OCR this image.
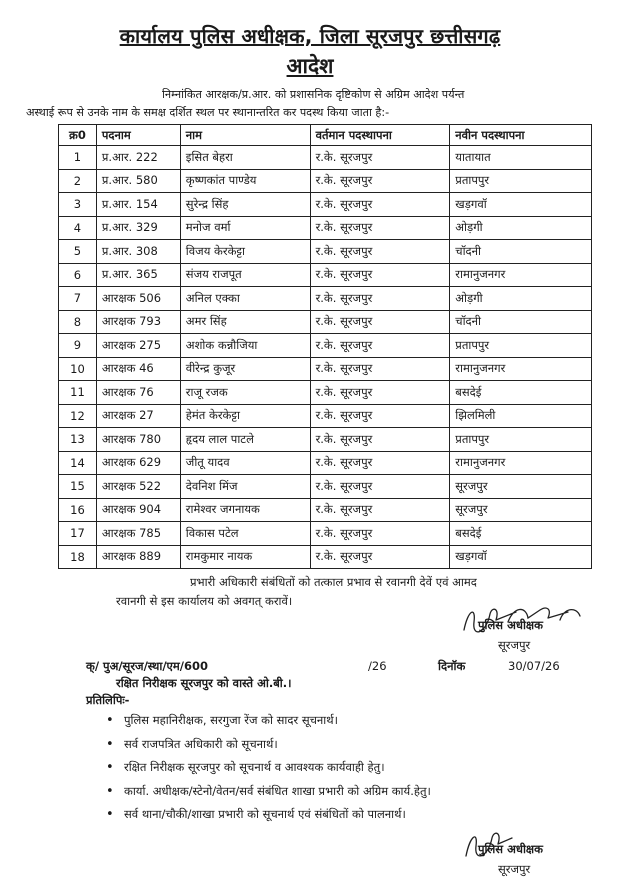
कार्यालय पुलिस अधीक्षक, जिला सूरजपुर छत्तीसगढ़
आदेश
निम्नांकित आरक्षक/प्र.आर. को प्रशासनिक दृष्टिकोण से अग्रिम आदेश पर्यन्त
अस्थाई रूप से उनके नाम के समक्ष दर्शित स्थल पर स्थानान्तरित कर पदस्थ किया जाता है:-
क्र0	पदनाम	नाम	वर्तमान पदस्थापना	नवीन पदस्थापना
1	प्र.आर. 222	इसित बेहरा	र.के. सूरजपुर	यातायात
2	प्र.आर. 580	कृष्णकांत पाण्डेय	र.के. सूरजपुर	प्रतापपुर
3	प्र.आर. 154	सुरेन्द्र सिंह	र.के. सूरजपुर	खड़गवॉ
4	प्र.आर. 329	मनोज वर्मा	र.के. सूरजपुर	ओड़गी
5	प्र.आर. 308	विजय केरकेट्टा	र.के. सूरजपुर	चॉदनी
6	प्र.आर. 365	संजय राजपूत	र.के. सूरजपुर	रामानुजनगर
7	आरक्षक 506	अनिल एक्का	र.के. सूरजपुर	ओड़गी
8	आरक्षक 793	अमर सिंह	र.के. सूरजपुर	चॉदनी
9	आरक्षक 275	अशोक कन्नौजिया	र.के. सूरजपुर	प्रतापपुर
10	आरक्षक 46	वीरेन्द्र कुजूर	र.के. सूरजपुर	रामानुजनगर
11	आरक्षक 76	राजू रजक	र.के. सूरजपुर	बसदेई
12	आरक्षक 27	हेमंत केरकेट्टा	र.के. सूरजपुर	झिलमिली
13	आरक्षक 780	हृदय लाल पाटले	र.के. सूरजपुर	प्रतापपुर
14	आरक्षक 629	जीतू यादव	र.के. सूरजपुर	रामानुजनगर
15	आरक्षक 522	देवनिश मिंज	र.के. सूरजपुर	सूरजपुर
16	आरक्षक 904	रामेश्वर जगनायक	र.के. सूरजपुर	सूरजपुर
17	आरक्षक 785	विकास पटेल	र.के. सूरजपुर	बसदेई
18	आरक्षक 889	रामकुमार नायक	र.के. सूरजपुर	खड़गवॉ
प्रभारी अधिकारी संबंधितों को तत्काल प्रभाव से रवानगी देवें एवं आमद
रवानगी से इस कार्यालय को अवगत् करावें।
पुलिस अधीक्षक
सूरजपुर
क्/ पुअ/सूरज/स्था/एम/600	/26	दिनॉक	30/07/26
रक्षित निरीक्षक सूरजपुर को वास्ते ओ.बी.।
प्रतिलिपिः-
• पुलिस महानिरीक्षक, सरगुजा रेंज को सादर सूचनार्थ।
• सर्व राजपत्रित अधिकारी को सूचनार्थ।
• रक्षित निरीक्षक सूरजपुर को सूचनार्थ व आवश्यक कार्यवाही हेतु।
• कार्या. अधीक्षक/स्टेनो/वेतन/सर्व संबंधित शाखा प्रभारी को अग्रिम कार्य.हेतु।
• सर्व थाना/चौकी/शाखा प्रभारी को सूचनार्थ एवं संबंधितों को पालनार्थ।
पुलिस अधीक्षक
सूरजपुर
